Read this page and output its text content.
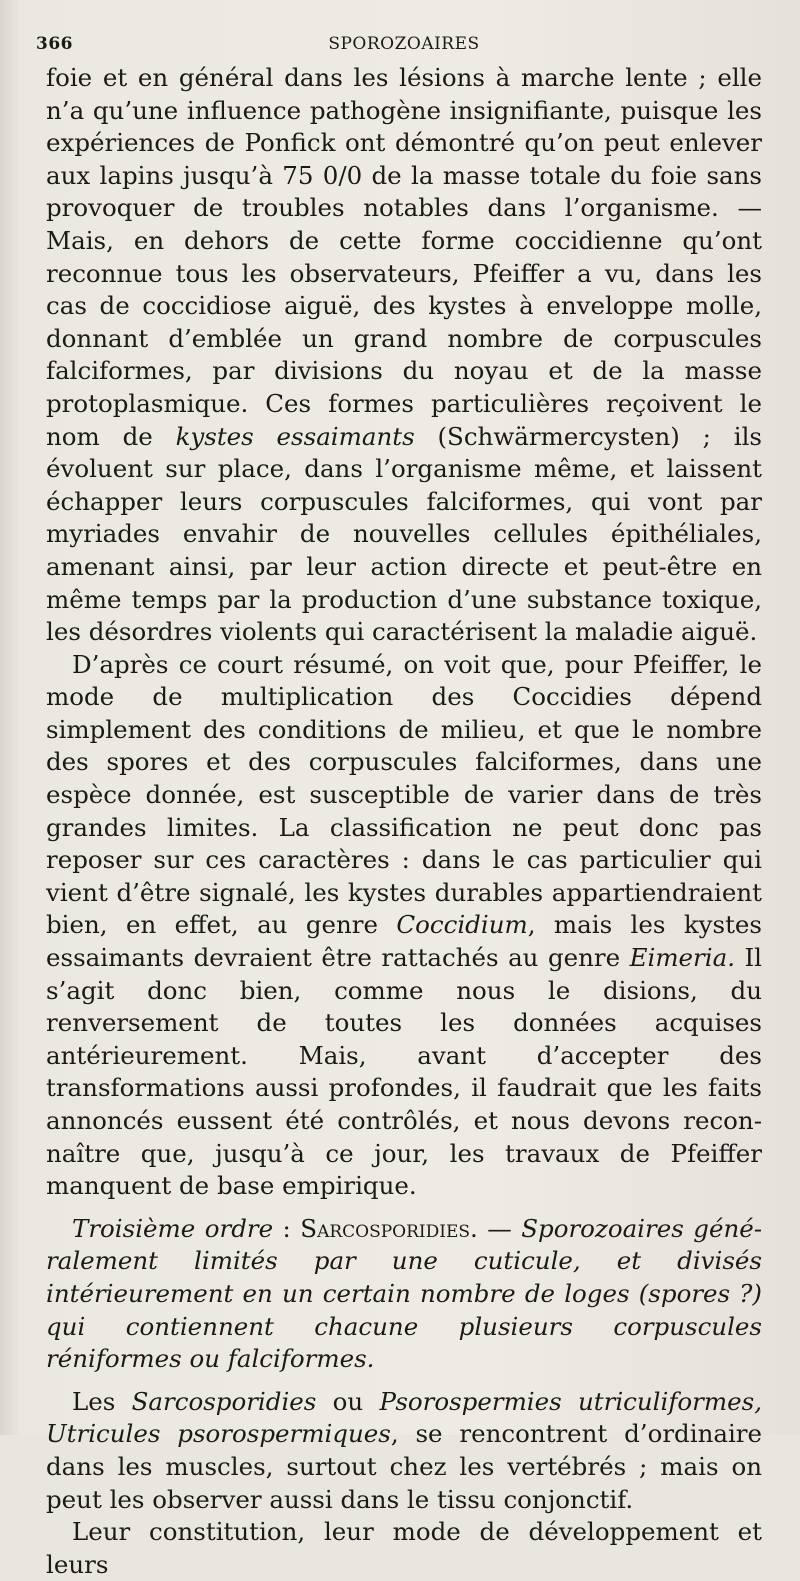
366	SPOROZOAIRES

foie et en général dans les lésions à marche lente ; elle n’a qu’une influence pathogène insignifiante, puisque les expériences de Ponfick ont démontré qu’on peut enlever aux lapins jusqu’à 75 0/0 de la masse totale du foie sans provoquer de troubles notables dans l’organisme. — Mais, en dehors de cette forme coccidienne qu’ont reconnue tous les observateurs, Pfeiffer a vu, dans les cas de coccidiose aiguë, des kystes à enveloppe molle, donnant d’emblée un grand nombre de corpuscules falciformes, par divisions du noyau et de la masse protoplasmique. Ces formes particulières reçoivent le nom de kystes essaimants (Schwärmercysten) ; ils évoluent sur place, dans l’organisme même, et laissent échapper leurs corpuscules falciformes, qui vont par myriades envahir de nouvelles cellules épithéliales, amenant ainsi, par leur action directe et peut-être en même temps par la production d’une substance toxique, les désordres violents qui caractérisent la maladie aiguë.

D’après ce court résumé, on voit que, pour Pfeiffer, le mode de multiplication des Coccidies dépend simplement des conditions de milieu, et que le nombre des spores et des corpuscules falciformes, dans une espèce donnée, est susceptible de varier dans de très grandes limites. La classification ne peut donc pas reposer sur ces caractères : dans le cas particulier qui vient d’être signalé, les kystes durables appartiendraient bien, en effet, au genre Coccidium, mais les kystes essaimants devraient être rattachés au genre Eimeria. Il s’agit donc bien, comme nous le disions, du renversement de toutes les données acquises antérieurement. Mais, avant d’accepter des transformations aussi profondes, il faudrait que les faits annoncés eussent été contrôlés, et nous devons reconnaître que, jusqu’à ce jour, les travaux de Pfeiffer manquent de base empirique.

Troisième ordre : Sarcosporidies. — Sporozoaires généralement limités par une cuticule, et divisés intérieurement en un certain nombre de loges (spores ?) qui contiennent chacune plusieurs corpuscules réniformes ou falciformes.

Les Sarcosporidies ou Psorospermies utriculiformes, Utricules psorospermiques, se rencontrent d’ordinaire dans les muscles, surtout chez les vertébrés ; mais on peut les observer aussi dans le tissu conjonctif.

Leur constitution, leur mode de développement et leurs
